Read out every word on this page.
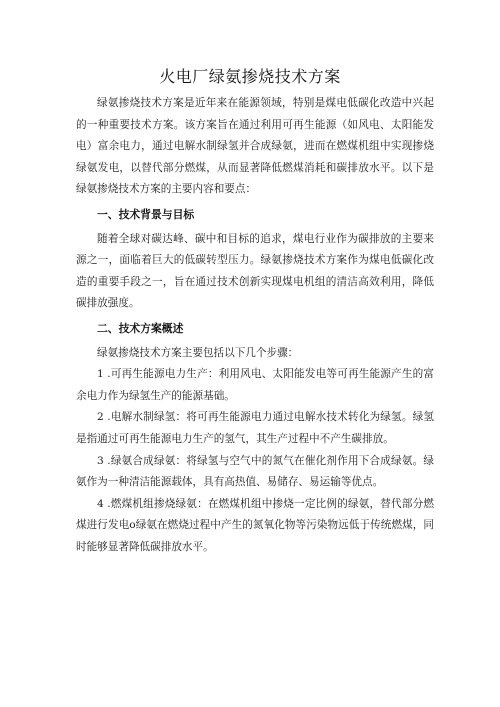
火电厂绿氨掺烧技术方案

绿氨掺烧技术方案是近年来在能源领域，特别是煤电低碳化改造中兴起的一种重要技术方案。该方案旨在通过利用可再生能源（如风电、太阳能发电）富余电力，通过电解水制绿氢并合成绿氨，进而在燃煤机组中实现掺烧绿氨发电，以替代部分燃煤，从而显著降低燃煤消耗和碳排放水平。以下是绿氨掺烧技术方案的主要内容和要点：

一、技术背景与目标

随着全球对碳达峰、碳中和目标的追求，煤电行业作为碳排放的主要来源之一，面临着巨大的低碳转型压力。绿氨掺烧技术方案作为煤电低碳化改造的重要手段之一，旨在通过技术创新实现煤电机组的清洁高效利用，降低碳排放强度。

二、技术方案概述

绿氨掺烧技术方案主要包括以下几个步骤：

1 .可再生能源电力生产：利用风电、太阳能发电等可再生能源产生的富余电力作为绿氢生产的能源基础。

2 .电解水制绿氢：将可再生能源电力通过电解水技术转化为绿氢。绿氢是指通过可再生能源电力生产的氢气，其生产过程中不产生碳排放。

3 .绿氨合成绿氨：将绿氢与空气中的氮气在催化剂作用下合成绿氨。绿氨作为一种清洁能源载体，具有高热值、易储存、易运输等优点。

4 .燃煤机组掺烧绿氨：在燃煤机组中掺烧一定比例的绿氨，替代部分燃煤进行发电o绿氨在燃烧过程中产生的氮氧化物等污染物远低于传统燃煤，同时能够显著降低碳排放水平。
